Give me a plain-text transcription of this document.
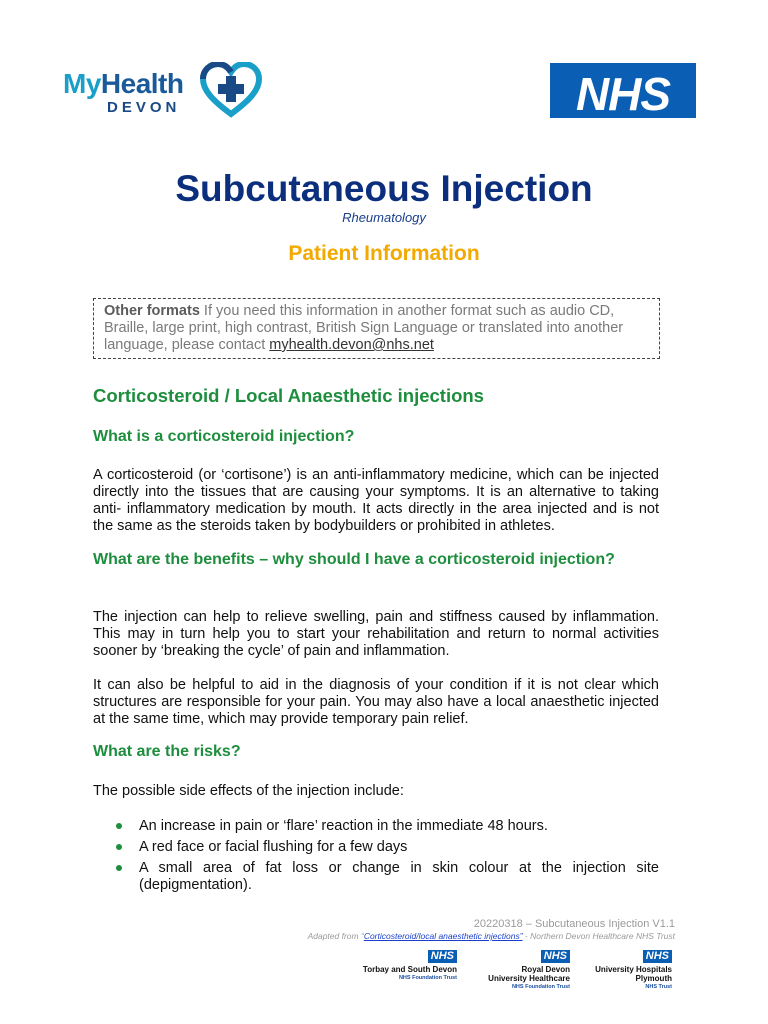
MyHealth
DEVON	NHS
Subcutaneous Injection
Rheumatology
Patient Information
Other formats If you need this information in another format such as audio CD, Braille, large print, high contrast, British Sign Language or translated into another language, please contact myhealth.devon@nhs.net
Corticosteroid / Local Anaesthetic injections
What is a corticosteroid injection?
A corticosteroid (or ‘cortisone’) is an anti-inflammatory medicine, which can be injected directly into the tissues that are causing your symptoms. It is an alternative to taking anti- inflammatory medication by mouth. It acts directly in the area injected and is not the same as the steroids taken by bodybuilders or prohibited in athletes.
What are the benefits – why should I have a corticosteroid injection?
The injection can help to relieve swelling, pain and stiffness caused by inflammation. This may in turn help you to start your rehabilitation and return to normal activities sooner by ‘breaking the cycle’ of pain and inflammation.
It can also be helpful to aid in the diagnosis of your condition if it is not clear which structures are responsible for your pain. You may also have a local anaesthetic injected at the same time, which may provide temporary pain relief.
What are the risks?
The possible side effects of the injection include:
An increase in pain or ‘flare’ reaction in the immediate 48 hours.
A red face or facial flushing for a few days
A small area of fat loss or change in skin colour at the injection site (depigmentation).
20220318 – Subcutaneous Injection V1.1
Adapted from “Corticosteroid/local anaesthetic injections” - Northern Devon Healthcare NHS Trust
NHS
Torbay and South Devon
NHS Foundation Trust
NHS
Royal Devon
University Healthcare
NHS Foundation Trust
NHS
University Hospitals
Plymouth
NHS Trust
